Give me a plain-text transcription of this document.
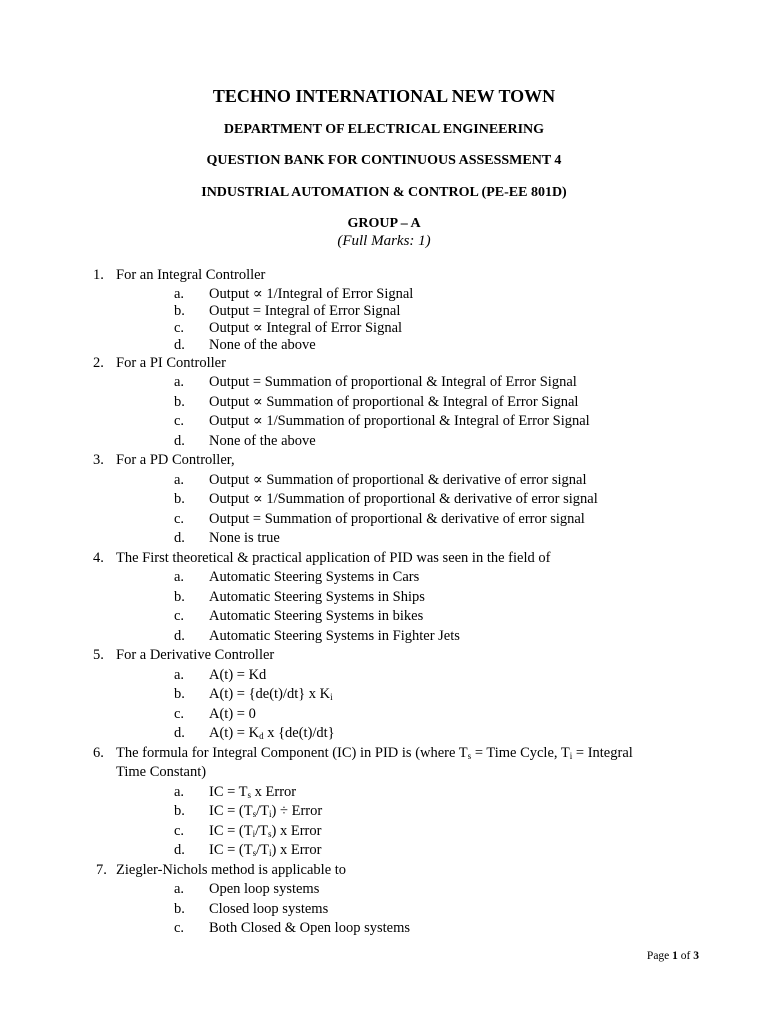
TECHNO INTERNATIONAL NEW TOWN
DEPARTMENT OF ELECTRICAL ENGINEERING
QUESTION BANK FOR CONTINUOUS ASSESSMENT 4
INDUSTRIAL AUTOMATION & CONTROL (PE-EE 801D)
GROUP – A
(Full Marks: 1)
1. For an Integral Controller
a. Output ∝ 1/Integral of Error Signal
b. Output = Integral of Error Signal
c. Output ∝ Integral of Error Signal
d. None of the above
2. For a PI Controller
a. Output = Summation of proportional & Integral of Error Signal
b. Output ∝ Summation of proportional & Integral of Error Signal
c. Output ∝ 1/Summation of proportional & Integral of Error Signal
d. None of the above
3. For a PD Controller,
a. Output ∝ Summation of proportional & derivative of error signal
b. Output ∝ 1/Summation of proportional & derivative of error signal
c. Output = Summation of proportional & derivative of error signal
d. None is true
4. The First theoretical & practical application of PID was seen in the field of
a. Automatic Steering Systems in Cars
b. Automatic Steering Systems in Ships
c. Automatic Steering Systems in bikes
d. Automatic Steering Systems in Fighter Jets
5. For a Derivative Controller
a. A(t) = Kd
b. A(t) = {de(t)/dt} x $K_i$
c. A(t) = 0
d. $A(t) = K_d$ x {de(t)/dt}
6. The formula for Integral Component (IC) in PID is (where $T_s$ = Time Cycle, $T_i$ = Integral
Time Constant)
a. IC = $T_s$ x Error
b. IC = $(T_s/T_i)$ ÷ Error
c. IC = $(T_i/T_s)$ x Error
d. IC = $(T_s/T_i)$ x Error
7. Ziegler-Nichols method is applicable to
a. Open loop systems
b. Closed loop systems
c. Both Closed & Open loop systems
Page 1 of 3
